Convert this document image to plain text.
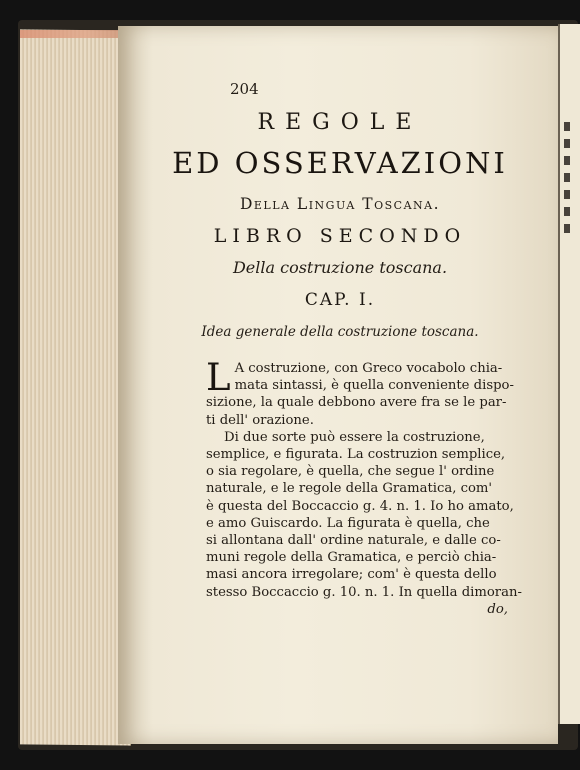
204
REGOLE
ED OSSERVAZIONI
Della Lingua Toscana.
LIBRO SECONDO
Della costruzione toscana.
CAP. I.
Idea generale della costruzione toscana.
L A costruzione, con Greco vocabolo chia-
mata sintassi, è quella conveniente dispo-
sizione, la quale debbono avere fra se le par-
ti dell' orazione.
Di due sorte può essere la costruzione,
semplice, e figurata. La costruzion semplice,
o sia regolare, è quella, che segue l' ordine
naturale, e le regole della Gramatica, com'
è questa del Boccaccio g. 4. n. 1. Io ho amato,
e amo Guiscardo. La figurata è quella, che
si allontana dall' ordine naturale, e dalle co-
muni regole della Gramatica, e perciò chia-
masi ancora irregolare; com' è questa dello
stesso Boccaccio g. 10. n. 1. In quella dimoran-
do,
